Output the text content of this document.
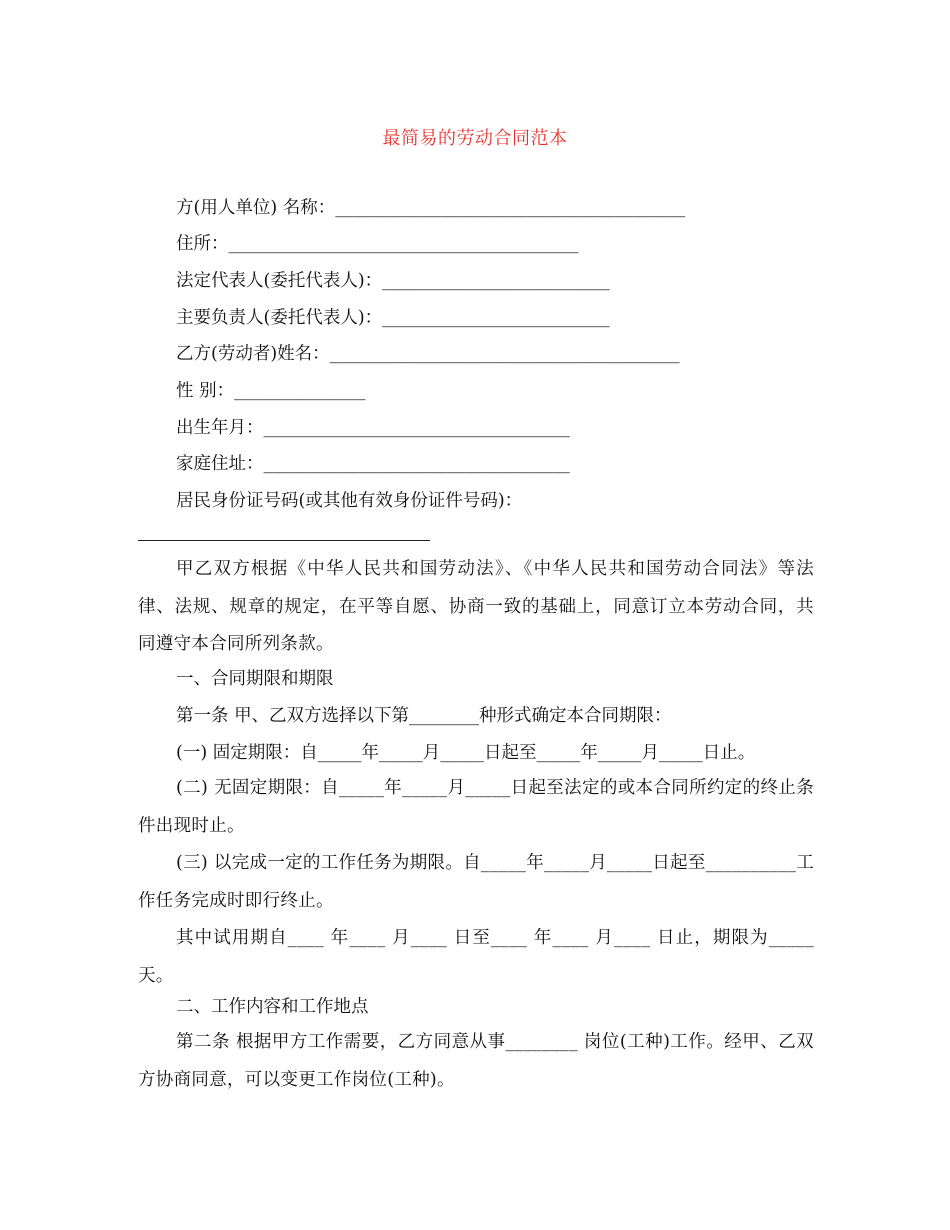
最简易的劳动合同范本
方(用人单位) 名称：________________________________________
住所：________________________________________
法定代表人(委托代表人)：__________________________
主要负责人(委托代表人)：__________________________
乙方(劳动者)姓名：________________________________________
性 别：_______________
出生年月：___________________________________
家庭住址：___________________________________
居民身份证号码(或其他有效身份证件号码)：
甲乙双方根据《中华人民共和国劳动法》、《中华人民共和国劳动合同法》等法律、法规、规章的规定，在平等自愿、协商一致的基础上，同意订立本劳动合同，共同遵守本合同所列条款。
一、合同期限和期限
第一条 甲、乙双方选择以下第________种形式确定本合同期限：
(一) 固定期限：自_____年_____月_____日起至_____年_____月_____日止。
(二) 无固定期限：自_____年_____月_____日起至法定的或本合同所约定的终止条件出现时止。
(三) 以完成一定的工作任务为期限。自_____年_____月_____日起至__________工作任务完成时即行终止。
其中试用期自____ 年____ 月____ 日至____ 年____ 月____ 日止，期限为_____天。
二、工作内容和工作地点
第二条 根据甲方工作需要，乙方同意从事________ 岗位(工种)工作。经甲、乙双方协商同意，可以变更工作岗位(工种)。
